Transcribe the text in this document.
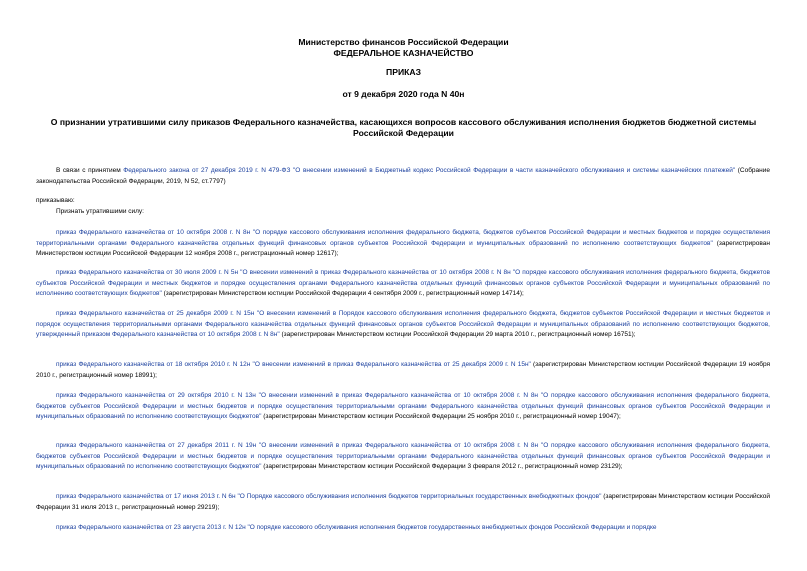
Министерство финансов Российской Федерации
ФЕДЕРАЛЬНОЕ КАЗНАЧЕЙСТВО
ПРИКАЗ
от 9 декабря 2020 года N 40н
О признании утратившими силу приказов Федерального казначейства, касающихся вопросов кассового обслуживания исполнения бюджетов бюджетной системы Российской Федерации
В связи с принятием Федерального закона от 27 декабря 2019 г. N 479-ФЗ "О внесении изменений в Бюджетный кодекс Российской Федерации в части казначейского обслуживания и системы казначейских платежей" (Собрание законодательства Российской Федерации, 2019, N 52, ст.7797)
приказываю:
Признать утратившими силу:
приказ Федерального казначейства от 10 октября 2008 г. N 8н "О порядке кассового обслуживания исполнения федерального бюджета, бюджетов субъектов Российской Федерации и местных бюджетов и порядке осуществления территориальными органами Федерального казначейства отдельных функций финансовых органов субъектов Российской Федерации и муниципальных образований по исполнению соответствующих бюджетов" (зарегистрирован Министерством юстиции Российской Федерации 12 ноября 2008 г., регистрационный номер 12617);
приказ Федерального казначейства от 30 июля 2009 г. N 5н "О внесении изменений в приказ Федерального казначейства от 10 октября 2008 г. N 8н "О порядке кассового обслуживания исполнения федерального бюджета, бюджетов субъектов Российской Федерации и местных бюджетов и порядке осуществления органами Федерального казначейства отдельных функций финансовых органов субъектов Российской Федерации и муниципальных образований по исполнению соответствующих бюджетов" (зарегистрирован Министерством юстиции Российской Федерации 4 сентября 2009 г., регистрационный номер 14714);
приказ Федерального казначейства от 25 декабря 2009 г. N 15н "О внесении изменений в Порядок кассового обслуживания исполнения федерального бюджета, бюджетов субъектов Российской Федерации и местных бюджетов и порядок осуществления территориальными органами Федерального казначейства отдельных функций финансовых органов субъектов Российской Федерации и муниципальных образований по исполнению соответствующих бюджетов, утвержденный приказом Федерального казначейства от 10 октября 2008 г. N 8н" (зарегистрирован Министерством юстиции Российской Федерации 29 марта 2010 г., регистрационный номер 16751);
приказ Федерального казначейства от 18 октября 2010 г. N 12н "О внесении изменений в приказ Федерального казначейства от 25 декабря 2009 г. N 15н" (зарегистрирован Министерством юстиции Российской Федерации 19 ноября 2010 г., регистрационный номер 18991);
приказ Федерального казначейства от 29 октября 2010 г. N 13н "О внесении изменений в приказ Федерального казначейства от 10 октября 2008 г. N 8н "О порядке кассового обслуживания исполнения федерального бюджета, бюджетов субъектов Российской Федерации и местных бюджетов и порядке осуществления территориальными органами Федерального казначейства отдельных функций финансовых органов субъектов Российской Федерации и муниципальных образований по исполнению соответствующих бюджетов" (зарегистрирован Министерством юстиции Российской Федерации 25 ноября 2010 г., регистрационный номер 19047);
приказ Федерального казначейства от 27 декабря 2011 г. N 19н "О внесении изменений в приказ Федерального казначейства от 10 октября 2008 г. N 8н "О порядке кассового обслуживания исполнения федерального бюджета, бюджетов субъектов Российской Федерации и местных бюджетов и порядке осуществления территориальными органами Федерального казначейства отдельных функций финансовых органов субъектов Российской Федерации и муниципальных образований по исполнению соответствующих бюджетов" (зарегистрирован Министерством юстиции Российской Федерации 3 февраля 2012 г., регистрационный номер 23129);
приказ Федерального казначейства от 17 июня 2013 г. N 6н "О Порядке кассового обслуживания исполнения бюджетов территориальных государственных внебюджетных фондов" (зарегистрирован Министерством юстиции Российской Федерации 31 июля 2013 г., регистрационный номер 29219);
приказ Федерального казначейства от 23 августа 2013 г. N 12н "О порядке кассового обслуживания исполнения бюджетов государственных внебюджетных фондов Российской Федерации и порядке
